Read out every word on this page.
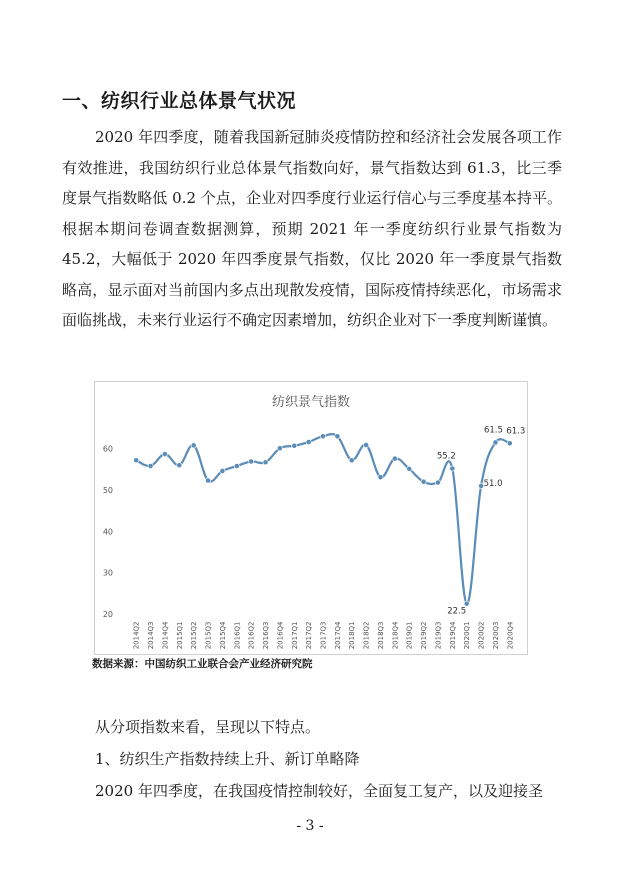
一、纺织行业总体景气状况
2020 年四季度，随着我国新冠肺炎疫情防控和经济社会发展各项工作有效推进，我国纺织行业总体景气指数向好，景气指数达到 61.3，比三季度景气指数略低 0.2 个点，企业对四季度行业运行信心与三季度基本持平。根据本期问卷调查数据测算，预期 2021 年一季度纺织行业景气指数为 45.2，大幅低于 2020 年四季度景气指数，仅比 2020 年一季度景气指数略高，显示面对当前国内多点出现散发疫情，国际疫情持续恶化，市场需求面临挑战，未来行业运行不确定因素增加，纺织企业对下一季度判断谨慎。
纺织景气指数
20
30
40
50
60
2014Q2 2014Q3 2014Q4 2015Q1 2015Q2 2015Q3 2015Q4 2016Q1 2016Q2 2016Q3 2016Q4 2017Q1 2017Q2 2017Q3 2017Q4 2018Q1 2018Q2 2018Q3 2018Q4 2019Q1 2019Q2 2019Q3 2019Q4 2020Q1 2020Q2 2020Q3 2020Q4
55.2
22.5
51.0
61.5 61.3
数据来源：中国纺织工业联合会产业经济研究院
从分项指数来看，呈现以下特点。
1、纺织生产指数持续上升、新订单略降
2020 年四季度，在我国疫情控制较好，全面复工复产，以及迎接圣
- 3 -
